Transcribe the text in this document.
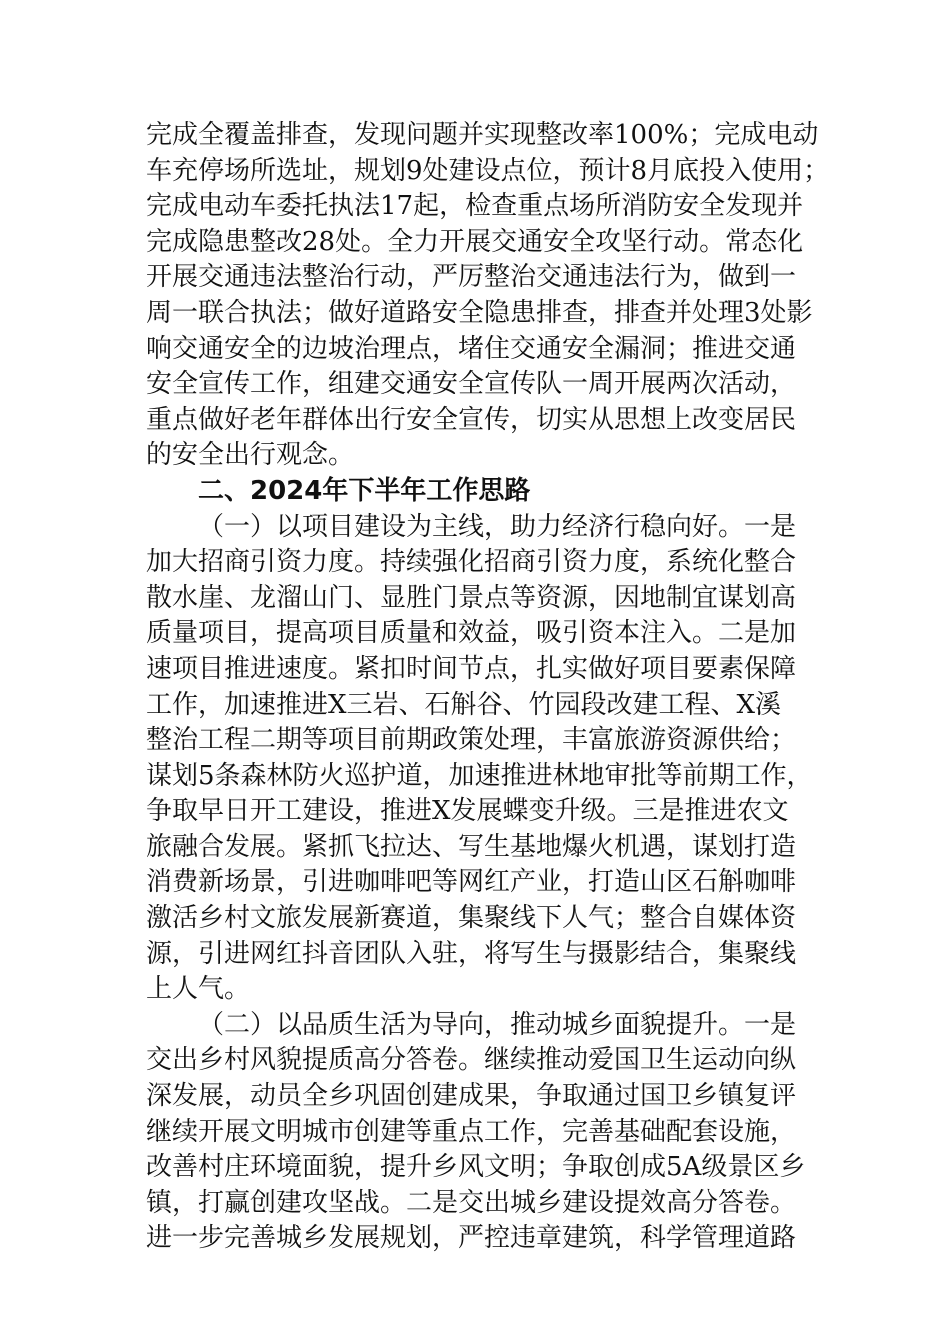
完成全覆盖排查，发现问题并实现整改率100%；完成电动
车充停场所选址，规划9处建设点位，预计8月底投入使用；
完成电动车委托执法17起，检查重点场所消防安全发现并
完成隐患整改28处。全力开展交通安全攻坚行动。常态化
开展交通违法整治行动，严厉整治交通违法行为，做到一
周一联合执法；做好道路安全隐患排查，排查并处理3处影
响交通安全的边坡治理点，堵住交通安全漏洞；推进交通
安全宣传工作，组建交通安全宣传队一周开展两次活动，
重点做好老年群体出行安全宣传，切实从思想上改变居民
的安全出行观念。
二、2024年下半年工作思路
（一）以项目建设为主线，助力经济行稳向好。一是
加大招商引资力度。持续强化招商引资力度，系统化整合
散水崖、龙溜山门、显胜门景点等资源，因地制宜谋划高
质量项目，提高项目质量和效益，吸引资本注入。二是加
速项目推进速度。紧扣时间节点，扎实做好项目要素保障
工作，加速推进X三岩、石斛谷、竹园段改建工程、X溪
整治工程二期等项目前期政策处理，丰富旅游资源供给；
谋划5条森林防火巡护道，加速推进林地审批等前期工作，
争取早日开工建设，推进X发展蝶变升级。三是推进农文
旅融合发展。紧抓飞拉达、写生基地爆火机遇，谋划打造
消费新场景，引进咖啡吧等网红产业，打造山区石斛咖啡
激活乡村文旅发展新赛道，集聚线下人气；整合自媒体资
源，引进网红抖音团队入驻，将写生与摄影结合，集聚线
上人气。
（二）以品质生活为导向，推动城乡面貌提升。一是
交出乡村风貌提质高分答卷。继续推动爱国卫生运动向纵
深发展，动员全乡巩固创建成果，争取通过国卫乡镇复评
继续开展文明城市创建等重点工作，完善基础配套设施，
改善村庄环境面貌，提升乡风文明；争取创成5A级景区乡
镇，打赢创建攻坚战。二是交出城乡建设提效高分答卷。
进一步完善城乡发展规划，严控违章建筑，科学管理道路
